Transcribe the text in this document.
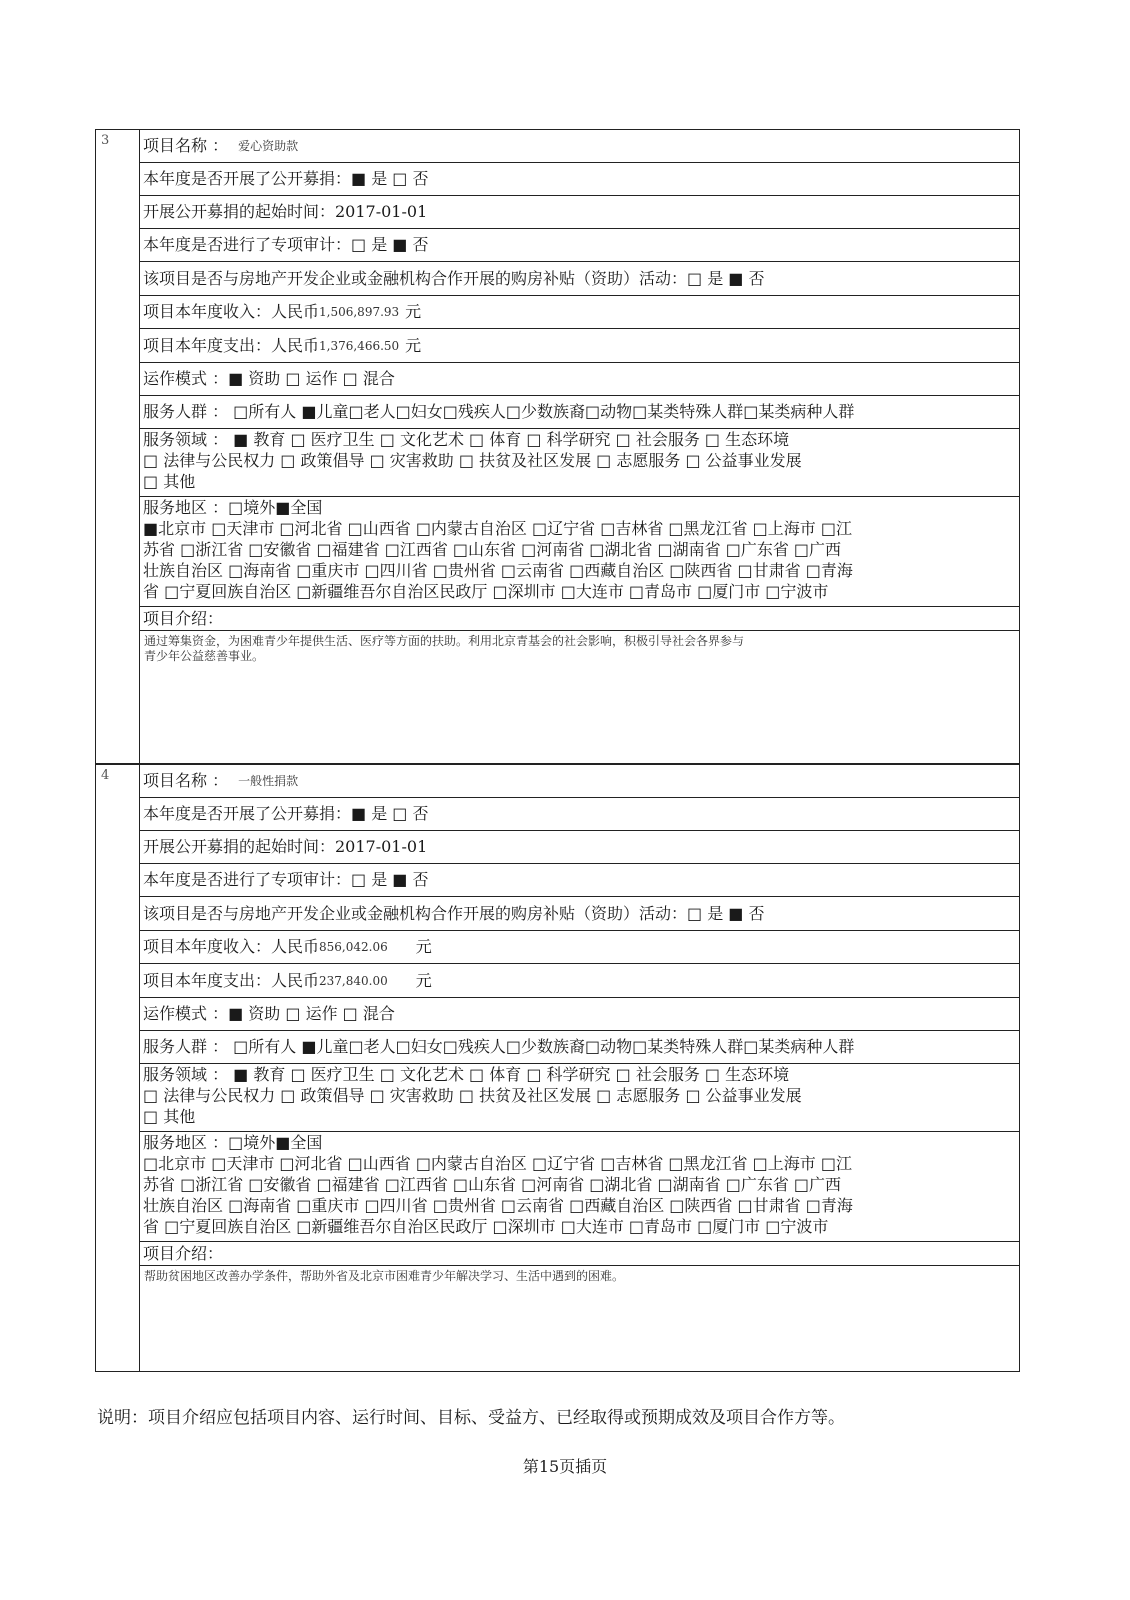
3	项目名称 ： 爱心资助款
本年度是否开展了公开募捐：■ 是 □ 否
开展公开募捐的起始时间：2017-01-01
本年度是否进行了专项审计：□ 是 ■ 否
该项目是否与房地产开发企业或金融机构合作开展的购房补贴（资助）活动：□ 是 ■ 否
项目本年度收入：人民币 1,506,897.93 元
项目本年度支出：人民币 1,376,466.50 元
运作模式 ：■ 资助 □ 运作 □ 混合
服务人群 ： □所有人 ■儿童□老人□妇女□残疾人□少数族裔□动物□某类特殊人群□某类病种人群
服务领域 ： ■ 教育 □ 医疗卫生 □ 文化艺术 □ 体育 □ 科学研究 □ 社会服务 □ 生态环境
□ 法律与公民权力 □ 政策倡导 □ 灾害救助 □ 扶贫及社区发展 □ 志愿服务 □ 公益事业发展
□ 其他
服务地区 ：□境外■全国
■北京市 □天津市 □河北省 □山西省 □内蒙古自治区 □辽宁省 □吉林省 □黑龙江省 □上海市 □江
苏省 □浙江省 □安徽省 □福建省 □江西省 □山东省 □河南省 □湖北省 □湖南省 □广东省 □广西
壮族自治区 □海南省 □重庆市 □四川省 □贵州省 □云南省 □西藏自治区 □陕西省 □甘肃省 □青海
省 □宁夏回族自治区 □新疆维吾尔自治区民政厅 □深圳市 □大连市 □青岛市 □厦门市 □宁波市
项目介绍：
通过筹集资金，为困难青少年提供生活、医疗等方面的扶助。利用北京青基会的社会影响，积极引导社会各界参与
青少年公益慈善事业。
4	项目名称 ： 一般性捐款
本年度是否开展了公开募捐：■ 是 □ 否
开展公开募捐的起始时间：2017-01-01
本年度是否进行了专项审计：□ 是 ■ 否
该项目是否与房地产开发企业或金融机构合作开展的购房补贴（资助）活动：□ 是 ■ 否
项目本年度收入：人民币 856,042.06 元
项目本年度支出：人民币 237,840.00 元
运作模式 ：■ 资助 □ 运作 □ 混合
服务人群 ： □所有人 ■儿童□老人□妇女□残疾人□少数族裔□动物□某类特殊人群□某类病种人群
服务领域 ： ■ 教育 □ 医疗卫生 □ 文化艺术 □ 体育 □ 科学研究 □ 社会服务 □ 生态环境
□ 法律与公民权力 □ 政策倡导 □ 灾害救助 □ 扶贫及社区发展 □ 志愿服务 □ 公益事业发展
□ 其他
服务地区 ：□境外■全国
□北京市 □天津市 □河北省 □山西省 □内蒙古自治区 □辽宁省 □吉林省 □黑龙江省 □上海市 □江
苏省 □浙江省 □安徽省 □福建省 □江西省 □山东省 □河南省 □湖北省 □湖南省 □广东省 □广西
壮族自治区 □海南省 □重庆市 □四川省 □贵州省 □云南省 □西藏自治区 □陕西省 □甘肃省 □青海
省 □宁夏回族自治区 □新疆维吾尔自治区民政厅 □深圳市 □大连市 □青岛市 □厦门市 □宁波市
项目介绍：
帮助贫困地区改善办学条件，帮助外省及北京市困难青少年解决学习、生活中遇到的困难。
说明：项目介绍应包括项目内容、运行时间、目标、受益方、已经取得或预期成效及项目合作方等。
第15页插页
